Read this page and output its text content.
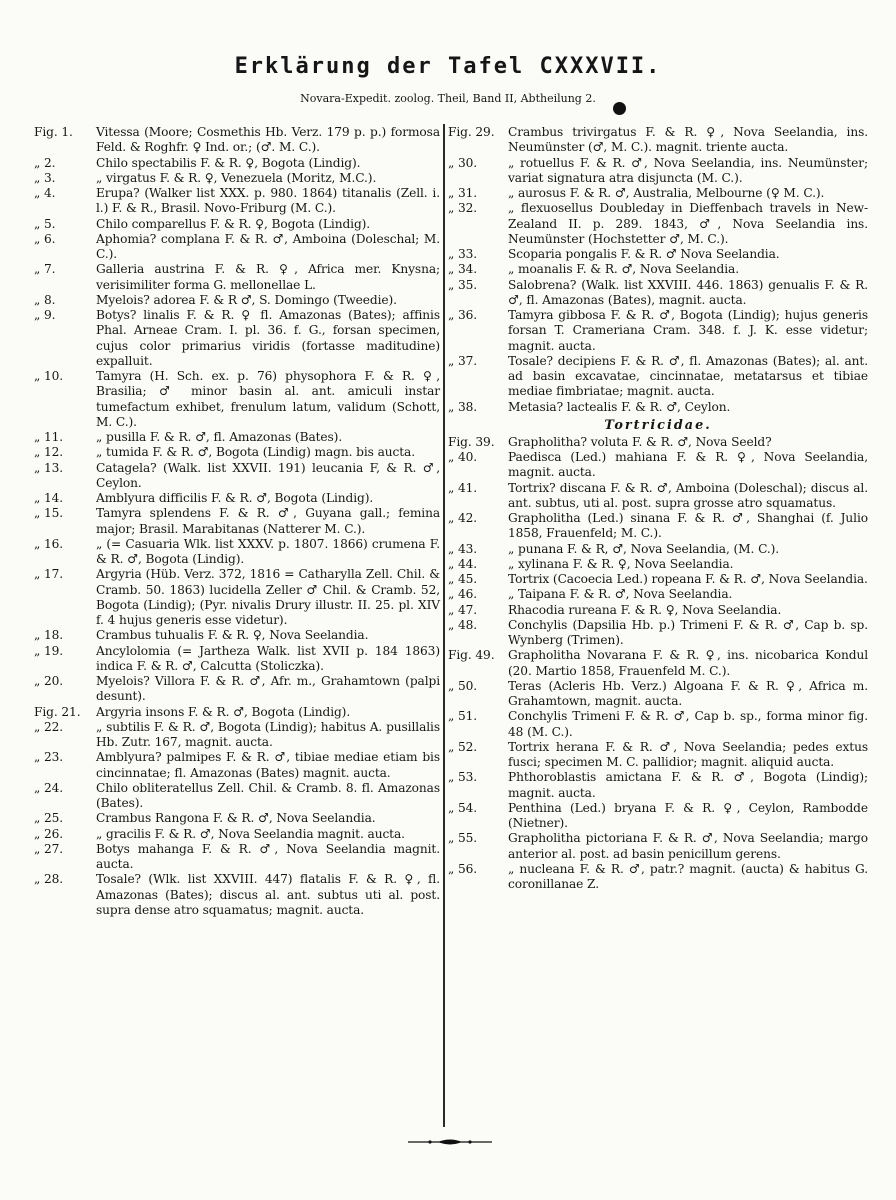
Erklärung der Tafel CXXXVII.
Novara-Expedit. zoolog. Theil, Band II, Abtheilung 2.
Fig. 1.	Vitessa (Moore; Cosmethis Hb. Verz. 179 p. p.) formosa Feld. & Roghfr. ♀ Ind. or.; (♂. M. C.).
„ 2.	Chilo spectabilis F. & R. ♀, Bogota (Lindig).
„ 3.	„ virgatus F. & R. ♀, Venezuela (Moritz, M.C.).
„ 4.	Erupa? (Walker list XXX. p. 980. 1864) titanalis (Zell. i. l.) F. & R., Brasil. Novo-Friburg (M. C.).
„ 5.	Chilo comparellus F. & R. ♀, Bogota (Lindig).
„ 6.	Aphomia? complana F. & R. ♂, Amboina (Doleschal; M. C.).
„ 7.	Galleria austrina F. & R. ♀, Africa mer. Knysna; verisimiliter forma G. mellonellae L.
„ 8.	Myelois? adorea F. & R ♂, S. Domingo (Tweedie).
„ 9.	Botys? linalis F. & R. ♀ fl. Amazonas (Bates); affinis Phal. Arneae Cram. I. pl. 36. f. G., forsan specimen, cujus color primarius viridis (fortasse maditudine) expalluit.
„ 10.	Tamyra (H. Sch. ex. p. 76) physophora F. & R. ♀, Brasilia; ♂ minor basin al. ant. amiculi instar tumefactum exhibet, frenulum latum, validum (Schott, M. C.).
„ 11.	„ pusilla F. & R. ♂, fl. Amazonas (Bates).
„ 12.	„ tumida F. & R. ♂, Bogota (Lindig) magn. bis aucta.
„ 13.	Catagela? (Walk. list XXVII. 191) leucania F, & R. ♂, Ceylon.
„ 14.	Amblyura difficilis F. & R. ♂, Bogota (Lindig).
„ 15.	Tamyra splendens F. & R. ♂, Guyana gall.; femina major; Brasil. Marabitanas (Natterer M. C.).
„ 16.	„ (= Casuaria Wlk. list XXXV. p. 1807. 1866) crumena F. & R. ♂, Bogota (Lindig).
„ 17.	Argyria (Hüb. Verz. 372, 1816 = Catharylla Zell. Chil. & Cramb. 50. 1863) lucidella Zeller ♂ Chil. & Cramb. 52, Bogota (Lindig); (Pyr. nivalis Drury illustr. II. 25. pl. XIV f. 4 hujus generis esse videtur).
„ 18.	Crambus tuhualis F. & R. ♀, Nova Seelandia.
„ 19.	Ancylolomia (= Jartheza Walk. list XVII p. 184 1863) indica F. & R. ♂, Calcutta (Stoliczka).
„ 20.	Myelois? Villora F. & R. ♂, Afr. m., Grahamtown (palpi desunt).
Fig. 21.	Argyria insons F. & R. ♂, Bogota (Lindig).
„ 22.	„ subtilis F. & R. ♂, Bogota (Lindig); habitus A. pusillalis Hb. Zutr. 167, magnit. aucta.
„ 23.	Amblyura? palmipes F. & R. ♂, tibiae mediae etiam bis cincinnatae; fl. Amazonas (Bates) magnit. aucta.
„ 24.	Chilo obliteratellus Zell. Chil. & Cramb. 8. fl. Amazonas (Bates).
„ 25.	Crambus Rangona F. & R. ♂, Nova Seelandia.
„ 26.	„ gracilis F. & R. ♂, Nova Seelandia magnit. aucta.
„ 27.	Botys mahanga F. & R. ♂, Nova Seelandia magnit. aucta.
„ 28.	Tosale? (Wlk. list XXVIII. 447) flatalis F. & R. ♀, fl. Amazonas (Bates); discus al. ant. subtus uti al. post. supra dense atro squamatus; magnit. aucta.
Fig. 29.	Crambus trivirgatus F. & R. ♀, Nova Seelandia, ins. Neumünster (♂, M. C.). magnit. triente aucta.
„ 30.	„ rotuellus F. & R. ♂, Nova Seelandia, ins. Neumünster; variat signatura atra disjuncta (M. C.).
„ 31.	„ aurosus F. & R. ♂, Australia, Melbourne (♀ M. C.).
„ 32.	„ flexuosellus Doubleday in Dieffenbach travels in New-Zealand II. p. 289. 1843, ♂, Nova Seelandia ins. Neumünster (Hochstetter ♂, M. C.).
„ 33.	Scoparia pongalis F. & R. ♂ Nova Seelandia.
„ 34.	„ moanalis F. & R. ♂, Nova Seelandia.
„ 35.	Salobrena? (Walk. list XXVIII. 446. 1863) genualis F. & R. ♂, fl. Amazonas (Bates), magnit. aucta.
„ 36.	Tamyra gibbosa F. & R. ♂, Bogota (Lindig); hujus generis forsan T. Crameriana Cram. 348. f. J. K. esse videtur; magnit. aucta.
„ 37.	Tosale? decipiens F. & R. ♂, fl. Amazonas (Bates); al. ant. ad basin excavatae, cincinnatae, metatarsus et tibiae mediae fimbriatae; magnit. aucta.
„ 38.	Metasia? lactealis F. & R. ♂, Ceylon.
Tortricidae.
Fig. 39.	Grapholitha? voluta F. & R. ♂, Nova Seeld?
„ 40.	Paedisca (Led.) mahiana F. & R. ♀, Nova Seelandia, magnit. aucta.
„ 41.	Tortrix? discana F. & R. ♂, Amboina (Doleschal); discus al. ant. subtus, uti al. post. supra grosse atro squamatus.
„ 42.	Grapholitha (Led.) sinana F. & R. ♂, Shanghai (f. Julio 1858, Frauenfeld; M. C.).
„ 43.	„ punana F. & R, ♂, Nova Seelandia, (M. C.).
„ 44.	„ xylinana F. & R. ♀, Nova Seelandia.
„ 45.	Tortrix (Cacoecia Led.) ropeana F. & R. ♂, Nova Seelandia.
„ 46.	„ Taipana F. & R. ♂, Nova Seelandia.
„ 47.	Rhacodia rureana F. & R. ♀, Nova Seelandia.
„ 48.	Conchylis (Dapsilia Hb. p.) Trimeni F. & R. ♂, Cap b. sp. Wynberg (Trimen).
Fig. 49.	Grapholitha Novarana F. & R. ♀, ins. nicobarica Kondul (20. Martio 1858, Frauenfeld M. C.).
„ 50.	Teras (Acleris Hb. Verz.) Algoana F. & R. ♀, Africa m. Grahamtown, magnit. aucta.
„ 51.	Conchylis Trimeni F. & R. ♂, Cap b. sp., forma minor fig. 48 (M. C.).
„ 52.	Tortrix herana F. & R. ♂, Nova Seelandia; pedes extus fusci; specimen M. C. pallidior; magnit. aliquid aucta.
„ 53.	Phthoroblastis amictana F. & R. ♂, Bogota (Lindig); magnit. aucta.
„ 54.	Penthina (Led.) bryana F. & R. ♀, Ceylon, Rambodde (Nietner).
„ 55.	Grapholitha pictoriana F. & R. ♂, Nova Seelandia; margo anterior al. post. ad basin penicillum gerens.
„ 56.	„ nucleana F. & R. ♂, patr.? magnit. (aucta) & habitus G. coronillanae Z.
